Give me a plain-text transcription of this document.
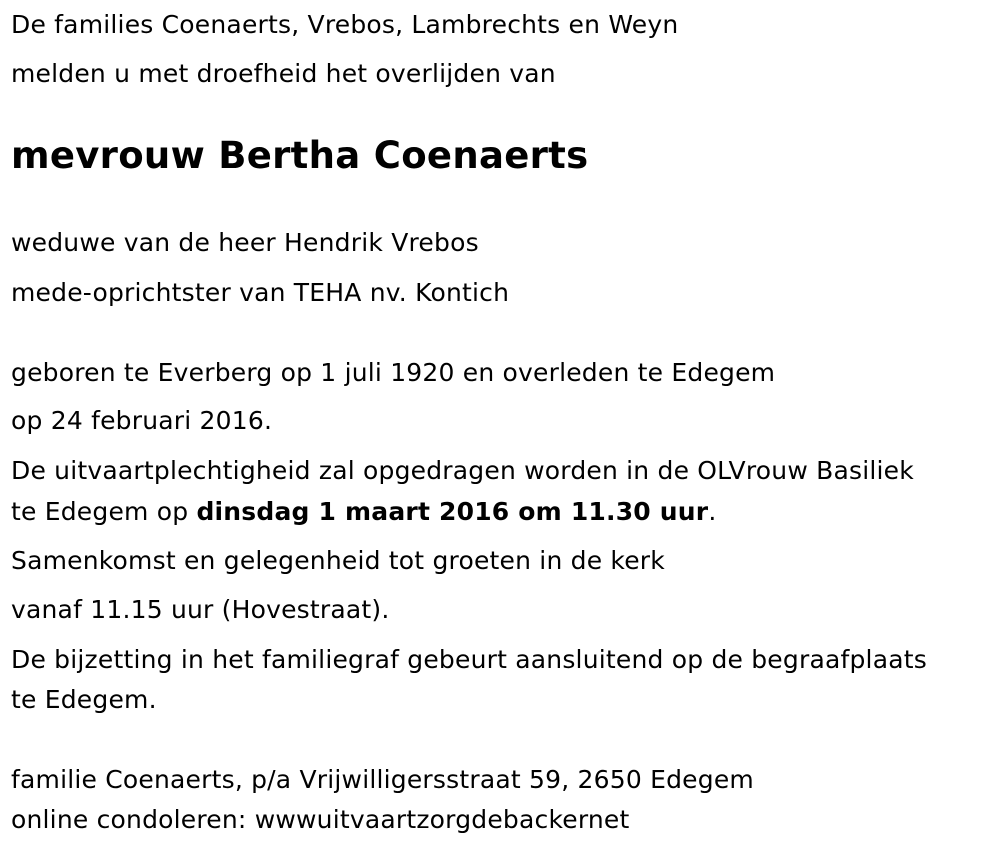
De families Coenaerts, Vrebos, Lambrechts en Weyn
melden u met droefheid het overlijden van
mevrouw Bertha Coenaerts
weduwe van de heer Hendrik Vrebos
mede-oprichtster van TEHA nv. Kontich
geboren te Everberg op 1 juli 1920 en overleden te Edegem
op 24 februari 2016.
De uitvaartplechtigheid zal opgedragen worden in de OLVrouw Basiliek
te Edegem op dinsdag 1 maart 2016 om 11.30 uur.
Samenkomst en gelegenheid tot groeten in de kerk
vanaf 11.15 uur (Hovestraat).
De bijzetting in het familiegraf gebeurt aansluitend op de begraafplaats
te Edegem.
familie Coenaerts, p/a Vrijwilligersstraat 59, 2650 Edegem
online condoleren: wwwuitvaartzorgdebackernet
